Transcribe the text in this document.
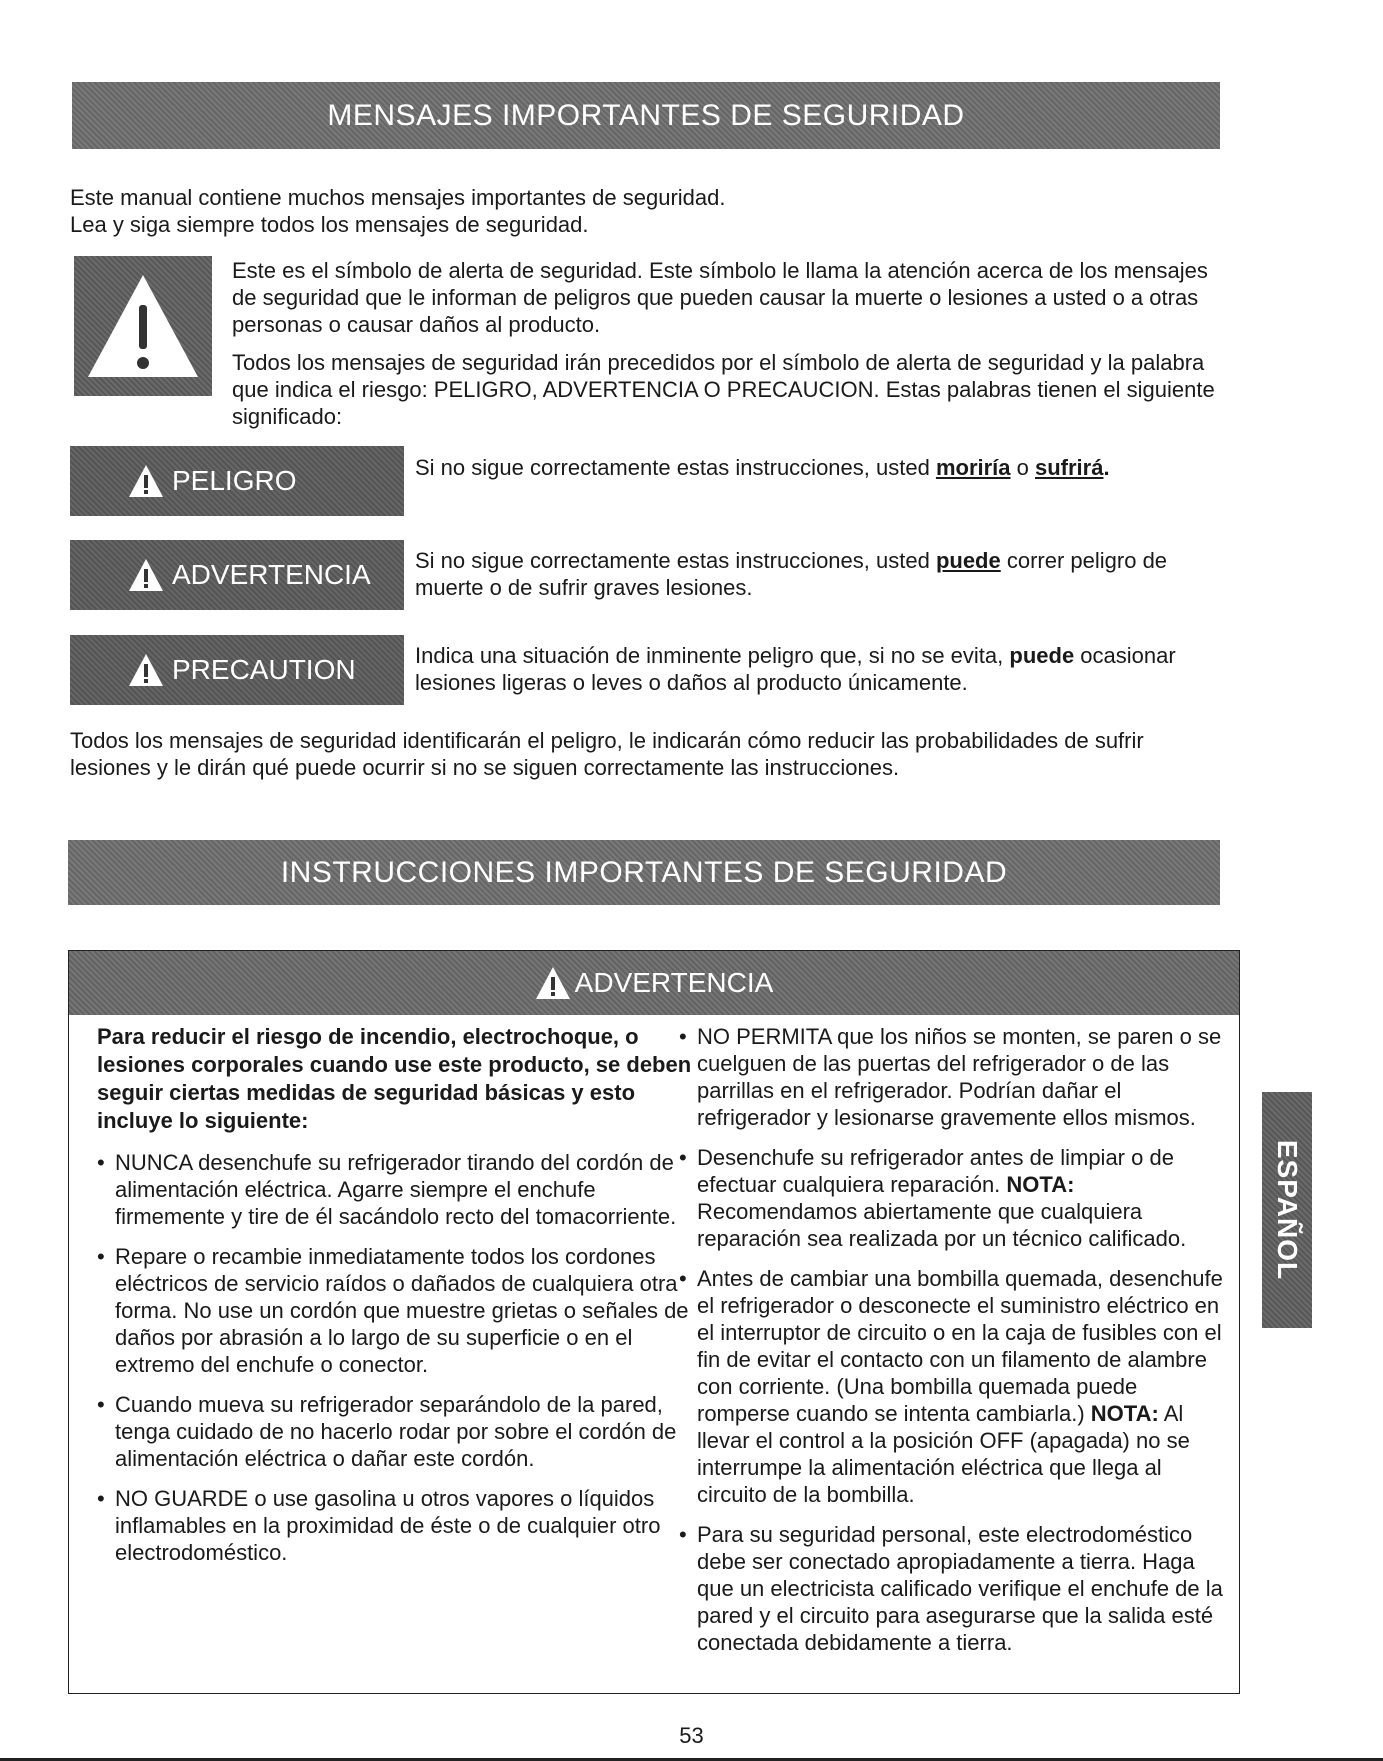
MENSAJES IMPORTANTES DE SEGURIDAD
Este manual contiene muchos mensajes importantes de seguridad.
Lea y siga siempre todos los mensajes de seguridad.
Este es el símbolo de alerta de seguridad. Este símbolo le llama la atención acerca de los mensajes de seguridad que le informan de peligros que pueden causar la muerte o lesiones a usted o a otras personas o causar daños al producto.
Todos los mensajes de seguridad irán precedidos por el símbolo de alerta de seguridad y la palabra que indica el riesgo: PELIGRO, ADVERTENCIA O PRECAUCION. Estas palabras tienen el siguiente significado:
PELIGRO	Si no sigue correctamente estas instrucciones, usted moriría o sufrirá.
ADVERTENCIA Si no sigue correctamente estas instrucciones, usted puede correr peligro de muerte o de sufrir graves lesiones.
PRECAUTION	Indica una situación de inminente peligro que, si no se evita, puede ocasionar lesiones ligeras o leves o daños al producto únicamente.
Todos los mensajes de seguridad identificarán el peligro, le indicarán cómo reducir las probabilidades de sufrir lesiones y le dirán qué puede ocurrir si no se siguen correctamente las instrucciones.
INSTRUCCIONES IMPORTANTES DE SEGURIDAD
ADVERTENCIA
Para reducir el riesgo de incendio, electrochoque, o lesiones corporales cuando use este producto, se deben seguir ciertas medidas de seguridad básicas y esto incluye lo siguiente:
• NUNCA desenchufe su refrigerador tirando del cordón de alimentación eléctrica. Agarre siempre el enchufe firmemente y tire de él sacándolo recto del tomacorriente.
• Repare o recambie inmediatamente todos los cordones eléctricos de servicio raídos o dañados de cualquiera otra forma. No use un cordón que muestre grietas o señales de daños por abrasión a lo largo de su superficie o en el extremo del enchufe o conector.
• Cuando mueva su refrigerador separándolo de la pared, tenga cuidado de no hacerlo rodar por sobre el cordón de alimentación eléctrica o dañar este cordón.
• NO GUARDE o use gasolina u otros vapores o líquidos inflamables en la proximidad de éste o de cualquier otro electrodoméstico.
• NO PERMITA que los niños se monten, se paren o se cuelguen de las puertas del refrigerador o de las parrillas en el refrigerador. Podrían dañar el refrigerador y lesionarse gravemente ellos mismos.
• Desenchufe su refrigerador antes de limpiar o de efectuar cualquiera reparación. NOTA: Recomendamos abiertamente que cualquiera reparación sea realizada por un técnico calificado.
• Antes de cambiar una bombilla quemada, desenchufe el refrigerador o desconecte el suministro eléctrico en el interruptor de circuito o en la caja de fusibles con el fin de evitar el contacto con un filamento de alambre con corriente. (Una bombilla quemada puede romperse cuando se intenta cambiarla.) NOTA: Al llevar el control a la posición OFF (apagada) no se interrumpe la alimentación eléctrica que llega al circuito de la bombilla.
• Para su seguridad personal, este electrodoméstico debe ser conectado apropiadamente a tierra. Haga que un electricista calificado verifique el enchufe de la pared y el circuito para asegurarse que la salida esté conectada debidamente a tierra.
ESPAÑOL
53
